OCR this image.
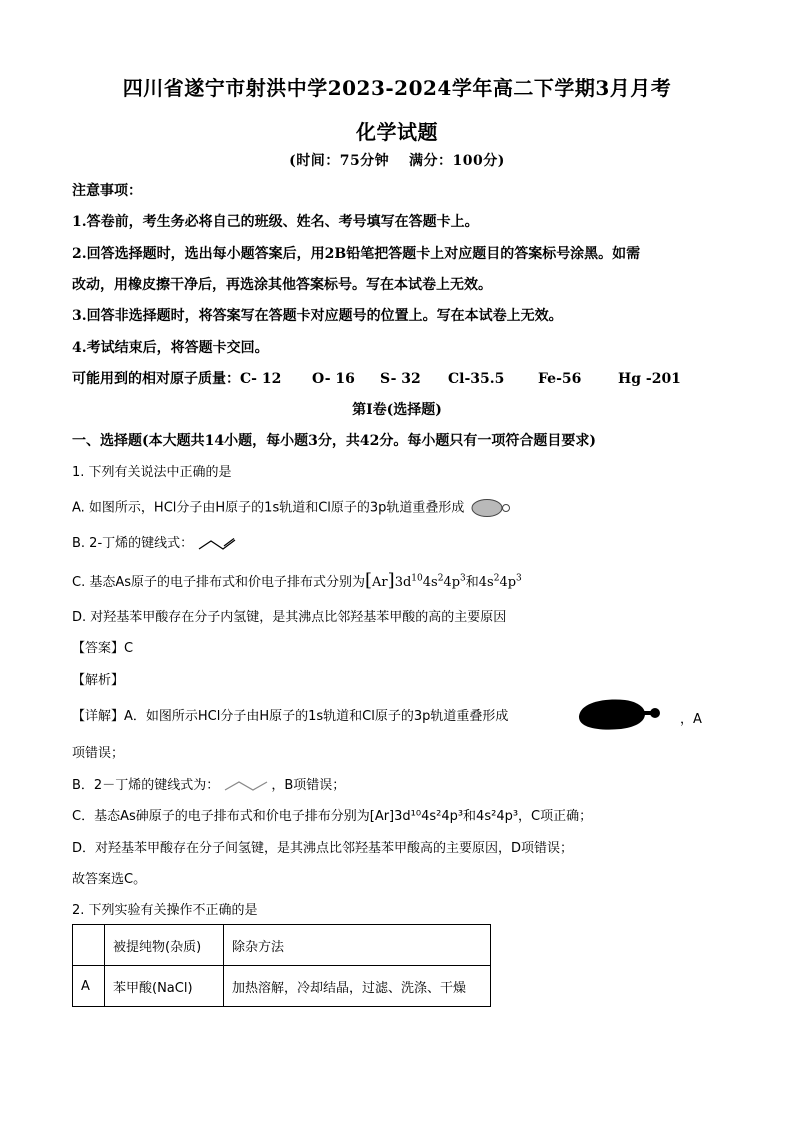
四川省遂宁市射洪中学2023-2024学年高二下学期3月月考
化学试题
(时间：75分钟　 满分：100分)
注意事项：
1.答卷前，考生务必将自己的班级、姓名、考号填写在答题卡上。
2.回答选择题时，选出每小题答案后，用2B铅笔把答题卡上对应题目的答案标号涂黑。如需
改动，用橡皮擦干净后，再选涂其他答案标号。写在本试卷上无效。
3.回答非选择题时，将答案写在答题卡对应题号的位置上。写在本试卷上无效。
4.考试结束后，将答题卡交回。
可能用到的相对原子质量：C- 12 O- 16 S- 32 Cl-35.5 Fe-56	Hg -201
第Ⅰ卷(选择题)
一、选择题(本大题共14小题，每小题3分，共42分。每小题只有一项符合题目要求)
1. 下列有关说法中正确的是
A. 如图所示，HCl分子由H原子的1s轨道和Cl原子的3p轨道重叠形成
B. 2-丁烯的键线式：
C. 基态As原子的电子排布式和价电子排布式分别为$[Ar]3d^{10}4s^24p^3$和$4s^24p^3$
D. 对羟基苯甲酸存在分子内氢键，是其沸点比邻羟基苯甲酸的高的主要原因
【答案】C
【解析】
【详解】A．如图所示HCl分子由H原子的1s轨道和Cl原子的3p轨道重叠形成	，A
项错误；
B．2－丁烯的键线式为：	，B项错误；
C．基态As砷原子的电子排布式和价电子排布分别为[Ar]3d¹⁰4s²4p³和4s²4p³，C项正确；
D．对羟基苯甲酸存在分子间氢键，是其沸点比邻羟基苯甲酸高的主要原因，D项错误；
故答案选C。
2. 下列实验有关操作不正确的是
	被提纯物(杂质)	除杂方法
A	苯甲酸(NaCl)	加热溶解，冷却结晶，过滤、洗涤、干燥
